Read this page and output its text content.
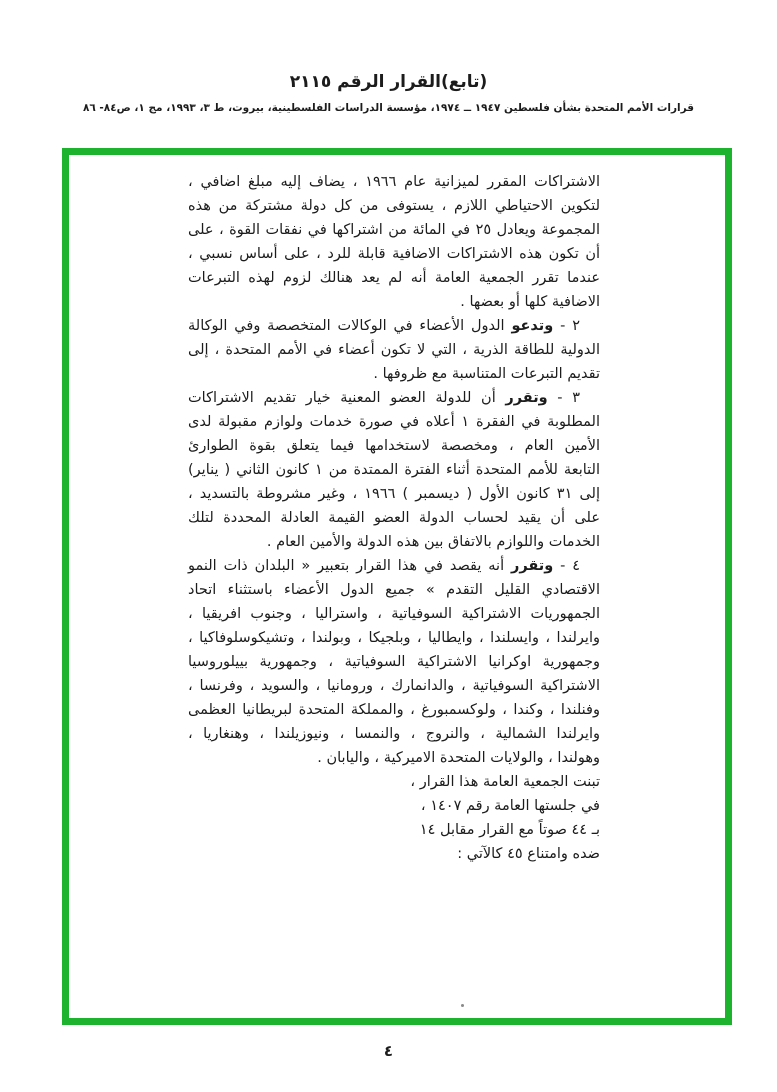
(تابع)القرار الرقم ٢١١٥
قرارات الأمم المتحدة بشأن فلسطين ١٩٤٧ ــ ١٩٧٤، مؤسسة الدراسات الفلسطينية، بيروت، ط ٣، ١٩٩٣، مج ١، ص٨٤- ٨٦
الاشتراكات المقرر لميزانية عام ١٩٦٦ ، يضاف إليه مبلغ اضافي ،
لتكوين الاحتياطي اللازم ، يستوفى من كل دولة مشتركة من هذه
المجموعة ويعادل ٢٥ في المائة من اشتراكها في نفقات القوة ، على
أن تكون هذه الاشتراكات الاضافية قابلة للرد ، على أساس نسبي ،
عندما تقرر الجمعية العامة أنه لم يعد هنالك لزوم لهذه التبرعات
الاضافية كلها أو بعضها .
٢ - وتدعو الدول الأعضاء في الوكالات المتخصصة وفي الوكالة
الدولية للطاقة الذرية ، التي لا تكون أعضاء في الأمم المتحدة ، إلى
تقديم التبرعات المتناسبة مع ظروفها .
٣ - وتقرر أن للدولة العضو المعنية خيار تقديم الاشتراكات
المطلوبة في الفقرة ١ أعلاه في صورة خدمات ولوازم مقبولة لدى
الأمين العام ، ومخصصة لاستخدامها فيما يتعلق بقوة الطوارئ
التابعة للأمم المتحدة أثناء الفترة الممتدة من ١ كانون الثاني ( يناير)
إلى ٣١ كانون الأول ( ديسمبر ) ١٩٦٦ ، وغير مشروطة بالتسديد ،
على أن يقيد لحساب الدولة العضو القيمة العادلة المحددة لتلك
الخدمات واللوازم بالاتفاق بين هذه الدولة والأمين العام .
٤ - وتقرر أنه يقصد في هذا القرار بتعبير « البلدان ذات النمو
الاقتصادي القليل التقدم » جميع الدول الأعضاء باستثناء اتحاد
الجمهوريات الاشتراكية السوفياتية ، واستراليا ، وجنوب افريقيا ،
وايرلندا ، وايسلندا ، وايطاليا ، وبلجيكا ، وبولندا ، وتشيكوسلوفاكيا ،
وجمهورية اوكرانيا الاشتراكية السوفياتية ، وجمهورية بييلوروسيا
الاشتراكية السوفياتية ، والدانمارك ، ورومانيا ، والسويد ، وفرنسا ،
وفنلندا ، وكندا ، ولوكسمبورغ ، والمملكة المتحدة لبريطانيا العظمى
وايرلندا الشمالية ، والنروج ، والنمسا ، ونيوزيلندا ، وهنغاريا ،
وهولندا ، والولايات المتحدة الاميركية ، واليابان .
تبنت الجمعية العامة هذا القرار ،
في جلستها العامة رقم ١٤٠٧ ،
بـ ٤٤ صوتاً مع القرار مقابل ١٤
ضده وامتناع ٤٥ كالآتي :
٤
